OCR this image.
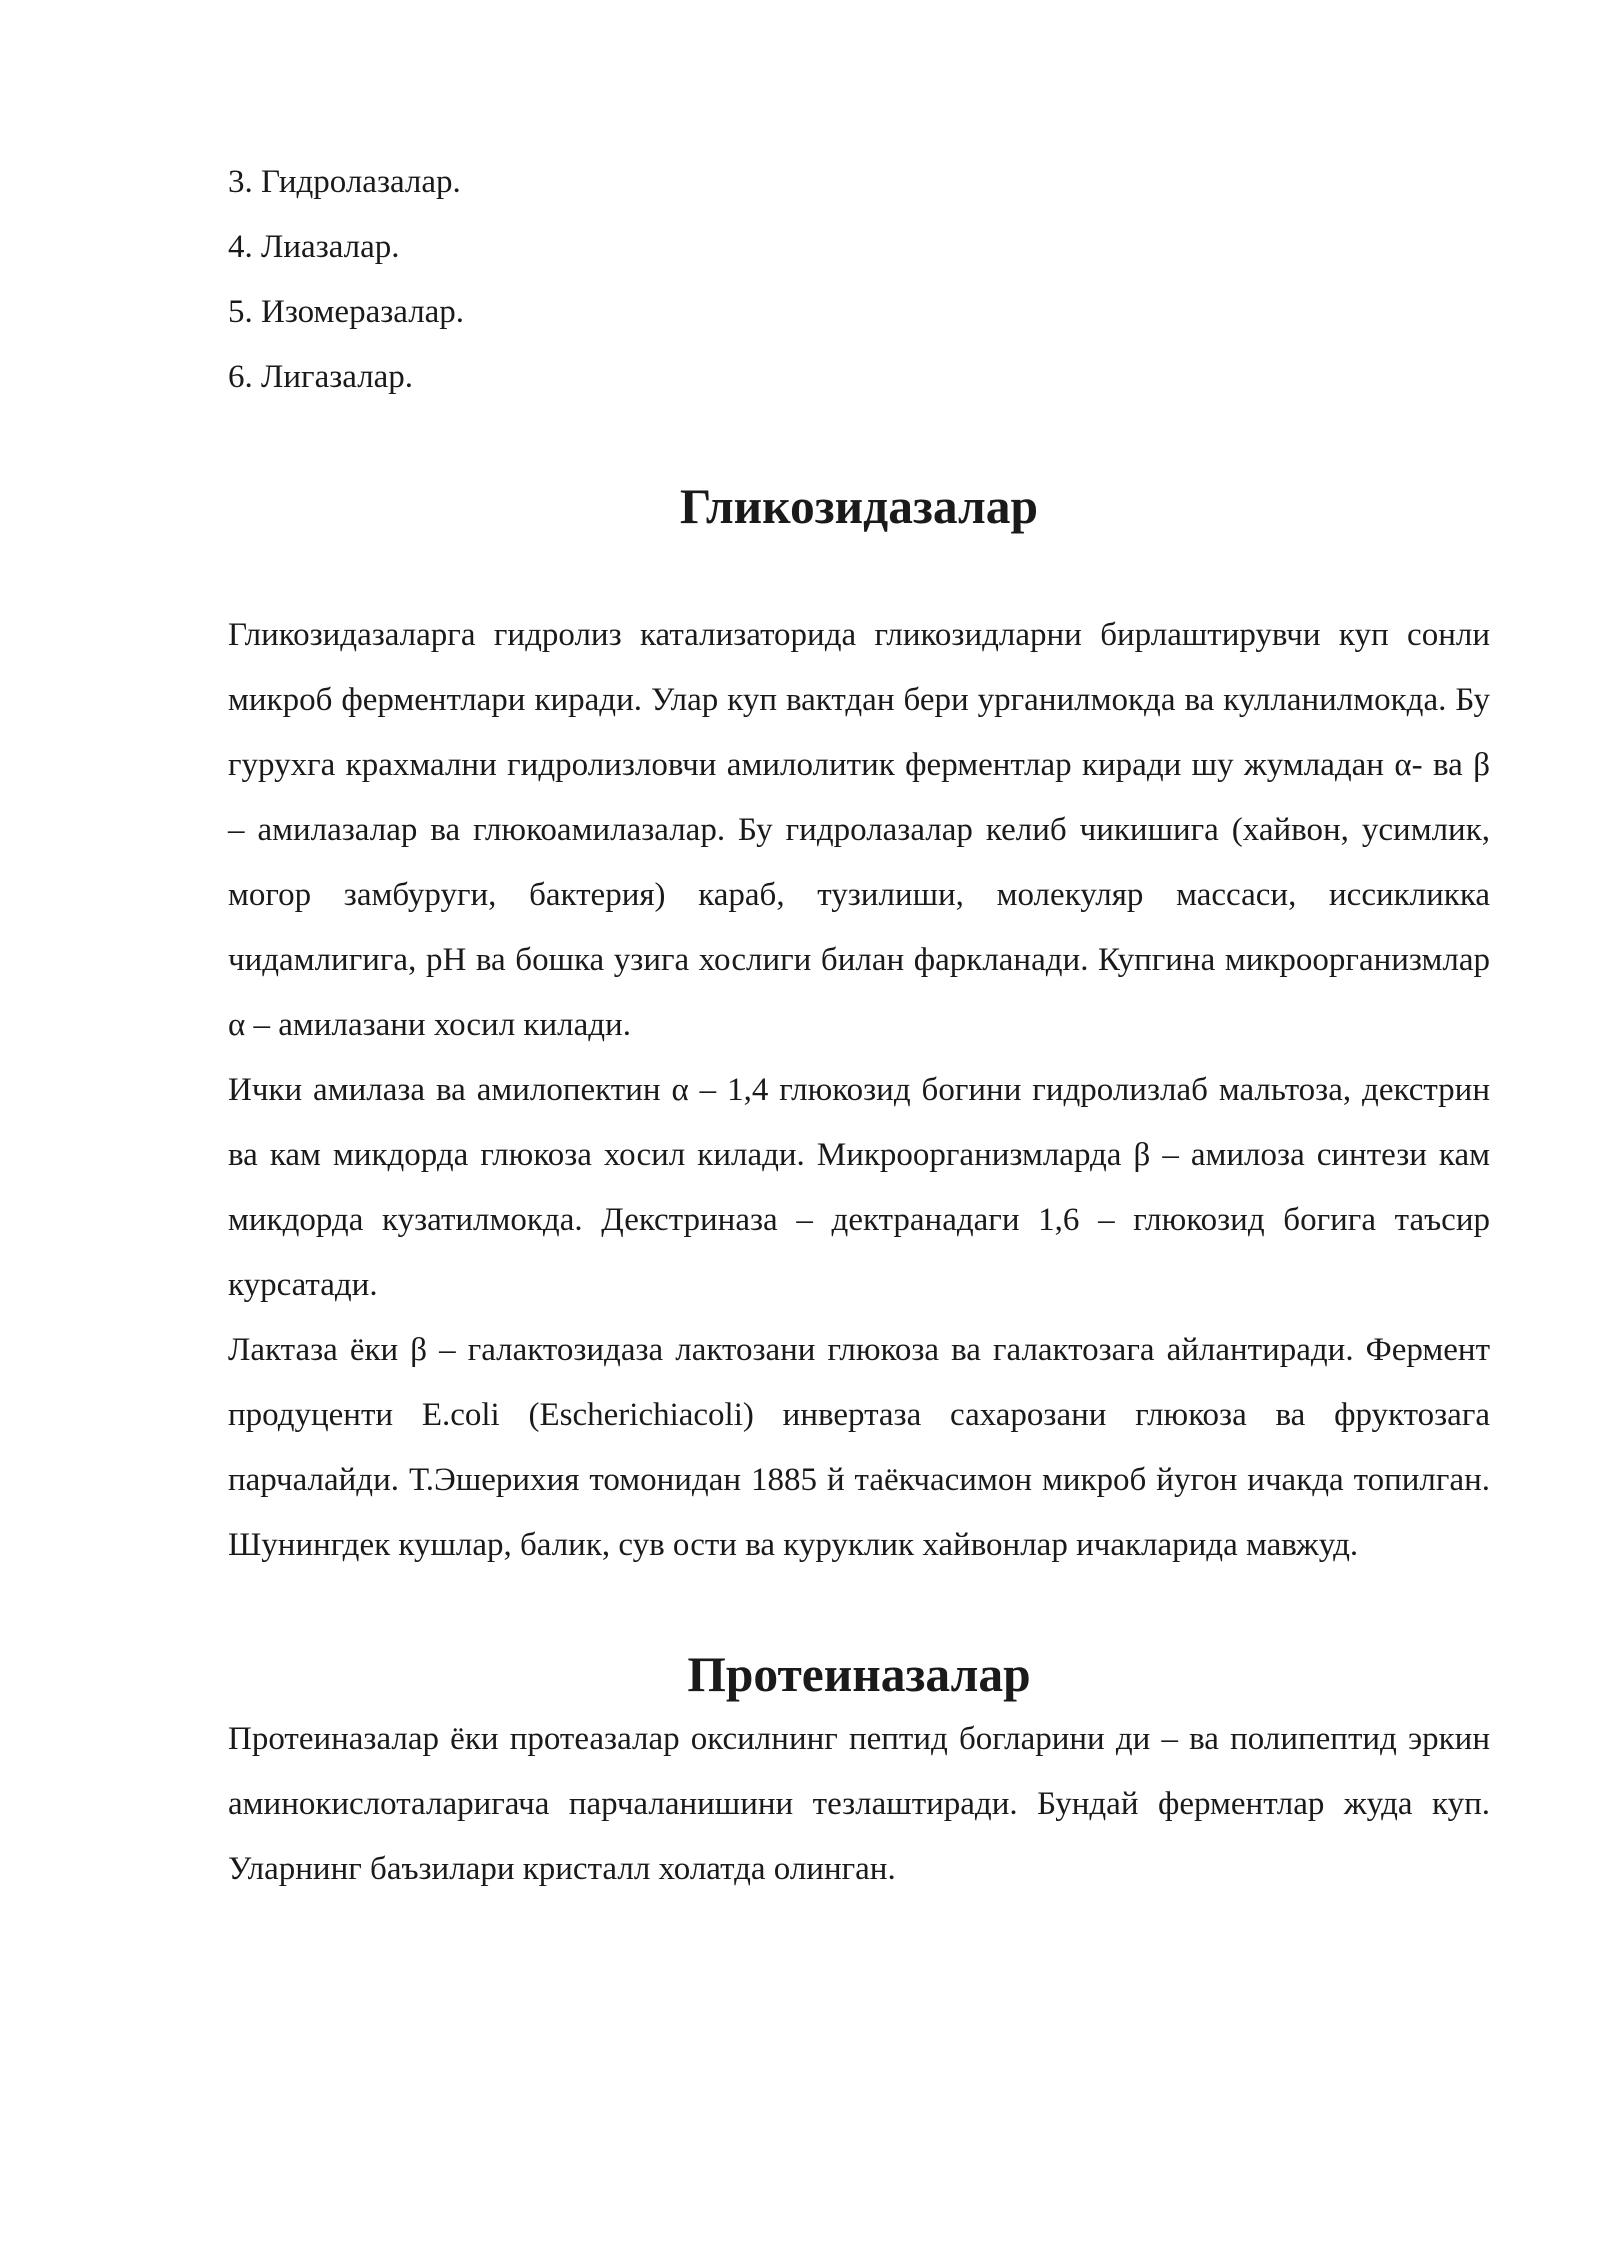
3. Гидролазалар.

4. Лиазалар.

5. Изомеразалар.

6. Лигазалар.

Гликозидазалар

Гликозидазаларга гидролиз катализаторида гликозидларни бирлаштирувчи куп сонли микроб ферментлари киради. Улар куп вактдан бери урганилмокда ва кулланилмокда. Бу гурухга крахмални гидролизловчи амилолитик ферментлар киради шу жумладан α- ва β – амилазалар ва глюкоамилазалар. Бу гидролазалар келиб чикишига (хайвон, усимлик, могор замбуруги, бактерия) караб, тузилиши, молекуляр массаси, иссикликка чидамлигига, pH ва бошка узига хослиги билан фаркланади. Купгина микроорганизмлар α – амилазани хосил килади.

Ички амилаза ва амилопектин α – 1,4 глюкозид богини гидролизлаб мальтоза, декстрин ва кам микдорда глюкоза хосил килади. Микроорганизмларда β – амилоза синтези кам микдорда кузатилмокда. Декстриназа – дектранадаги 1,6 – глюкозид богига таъсир курсатади.

Лактаза ёки β – галактозидаза лактозани глюкоза ва галактозага айлантиради. Фермент продуценти E.coli (Escherichiacoli) инвертаза сахарозани глюкоза ва фруктозага парчалайди. Т.Эшерихия томонидан 1885 й таёкчасимон микроб йугон ичакда топилган. Шунингдек кушлар, балик, сув ости ва куруклик хайвонлар ичакларида мавжуд.

Протеиназалар

Протеиназалар ёки протеазалар оксилнинг пептид богларини ди – ва полипептид эркин аминокислоталаригача парчаланишини тезлаштиради. Бундай ферментлар жуда куп. Уларнинг баъзилари кристалл холатда олинган.
